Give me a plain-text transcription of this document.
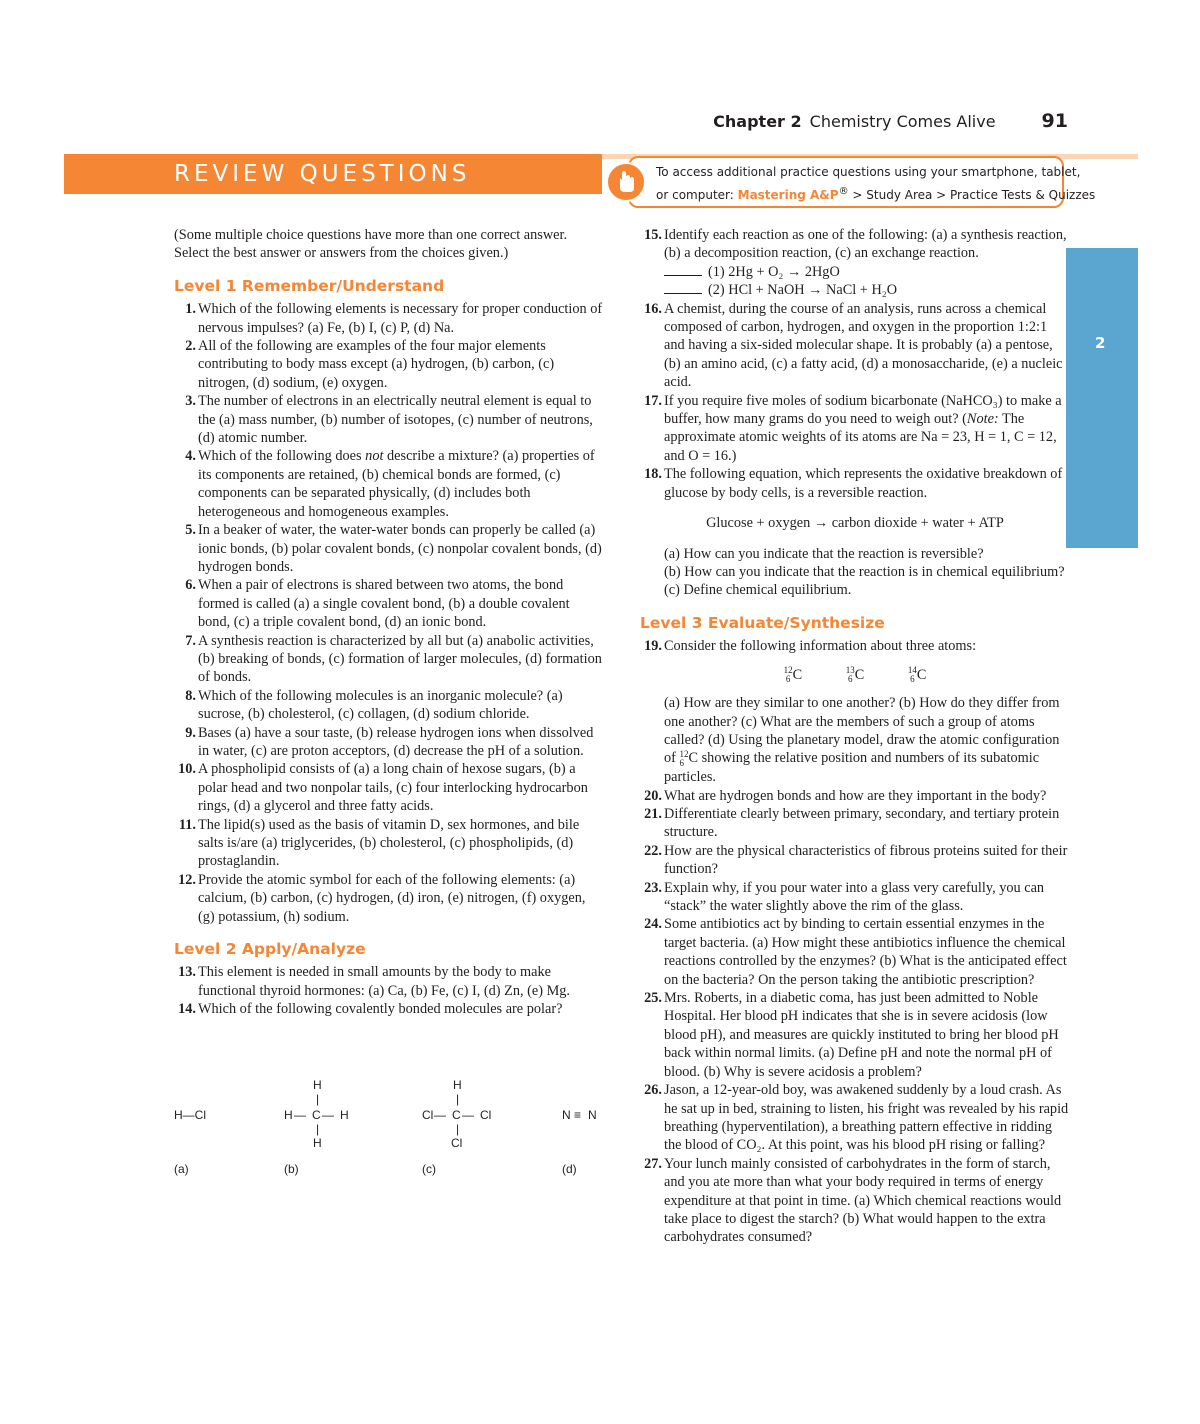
Chapter 2 Chemistry Comes Alive 91
REVIEW QUESTIONS	To access additional practice questions using your smartphone, tablet,
or computer: Mastering A&P® > Study Area > Practice Tests & Quizzes
2

(Some multiple choice questions have more than one correct answer. Select the best answer or answers from the choices given.)

Level 1 Remember/Understand

1. Which of the following elements is necessary for proper conduction of nervous impulses? (a) Fe, (b) I, (c) P, (d) Na.

2. All of the following are examples of the four major elements contributing to body mass except (a) hydrogen, (b) carbon, (c) nitrogen, (d) sodium, (e) oxygen.

3. The number of electrons in an electrically neutral element is equal to the (a) mass number, (b) number of isotopes, (c) number of neutrons, (d) atomic number.

4. Which of the following does not describe a mixture? (a) properties of its components are retained, (b) chemical bonds are formed, (c) components can be separated physically, (d) includes both heterogeneous and homogeneous examples.

5. In a beaker of water, the water-water bonds can properly be called (a) ionic bonds, (b) polar covalent bonds, (c) nonpolar covalent bonds, (d) hydrogen bonds.

6. When a pair of electrons is shared between two atoms, the bond formed is called (a) a single covalent bond, (b) a double covalent bond, (c) a triple covalent bond, (d) an ionic bond.

7. A synthesis reaction is characterized by all but (a) anabolic activities, (b) breaking of bonds, (c) formation of larger molecules, (d) formation of bonds.

8. Which of the following molecules is an inorganic molecule? (a) sucrose, (b) cholesterol, (c) collagen, (d) sodium chloride.

9. Bases (a) have a sour taste, (b) release hydrogen ions when dissolved in water, (c) are proton acceptors, (d) decrease the pH of a solution.

10. A phospholipid consists of (a) a long chain of hexose sugars, (b) a polar head and two nonpolar tails, (c) four interlocking hydrocarbon rings, (d) a glycerol and three fatty acids.

11. The lipid(s) used as the basis of vitamin D, sex hormones, and bile salts is/are (a) triglycerides, (b) cholesterol, (c) phospholipids, (d) prostaglandin.

12. Provide the atomic symbol for each of the following elements: (a) calcium, (b) carbon, (c) hydrogen, (d) iron, (e) nitrogen, (f) oxygen, (g) potassium, (h) sodium.

Level 2 Apply/Analyze

13. This element is needed in small amounts by the body to make functional thyroid hormones: (a) Ca, (b) Fe, (c) I, (d) Zn, (e) Mg.

14. Which of the following covalently bonded molecules are polar?

H—Cl
(a)
H
|
H — C — H
|
H
(b)
H
|
Cl — C — Cl
|
Cl
(c)
N ≡ N
(d)

15. Identify each reaction as one of the following: (a) a synthesis reaction, (b) a decomposition reaction, (c) an exchange reaction.
(1) 2Hg + O₂ → 2HgO
(2) HCl + NaOH → NaCl + H₂O

16. A chemist, during the course of an analysis, runs across a chemical composed of carbon, hydrogen, and oxygen in the proportion 1:2:1 and having a six-sided molecular shape. It is probably (a) a pentose, (b) an amino acid, (c) a fatty acid, (d) a monosaccharide, (e) a nucleic acid.

17. If you require five moles of sodium bicarbonate (NaHCO₃) to make a buffer, how many grams do you need to weigh out? (Note: The approximate atomic weights of its atoms are Na = 23, H = 1, C = 12, and O = 16.)

18. The following equation, which represents the oxidative breakdown of glucose by body cells, is a reversible reaction.

Glucose + oxygen → carbon dioxide + water + ATP

(a) How can you indicate that the reaction is reversible?

(b) How can you indicate that the reaction is in chemical equilibrium?

(c) Define chemical equilibrium.

Level 3 Evaluate/Synthesize

19. Consider the following information about three atoms:

12
6 C	13
6 C	14
6 C

(a) How are they similar to one another? (b) How do they differ from one another? (c) What are the members of such a group of atoms called? (d) Using the planetary model, draw the atomic configuration of 12
6 C showing the relative position and numbers of its subatomic particles.

20. What are hydrogen bonds and how are they important in the body?

21. Differentiate clearly between primary, secondary, and tertiary protein structure.

22. How are the physical characteristics of fibrous proteins suited for their function?

23. Explain why, if you pour water into a glass very carefully, you can “stack” the water slightly above the rim of the glass.

24. Some antibiotics act by binding to certain essential enzymes in the target bacteria. (a) How might these antibiotics influence the chemical reactions controlled by the enzymes? (b) What is the anticipated effect on the bacteria? On the person taking the antibiotic prescription?

25. Mrs. Roberts, in a diabetic coma, has just been admitted to Noble Hospital. Her blood pH indicates that she is in severe acidosis (low blood pH), and measures are quickly instituted to bring her blood pH back within normal limits. (a) Define pH and note the normal pH of blood. (b) Why is severe acidosis a problem?

26. Jason, a 12-year-old boy, was awakened suddenly by a loud crash. As he sat up in bed, straining to listen, his fright was revealed by his rapid breathing (hyperventilation), a breathing pattern effective in ridding the blood of CO₂. At this point, was his blood pH rising or falling?

27. Your lunch mainly consisted of carbohydrates in the form of starch, and you ate more than what your body required in terms of energy expenditure at that point in time. (a) Which chemical reactions would take place to digest the starch? (b) What would happen to the extra carbohydrates consumed?
